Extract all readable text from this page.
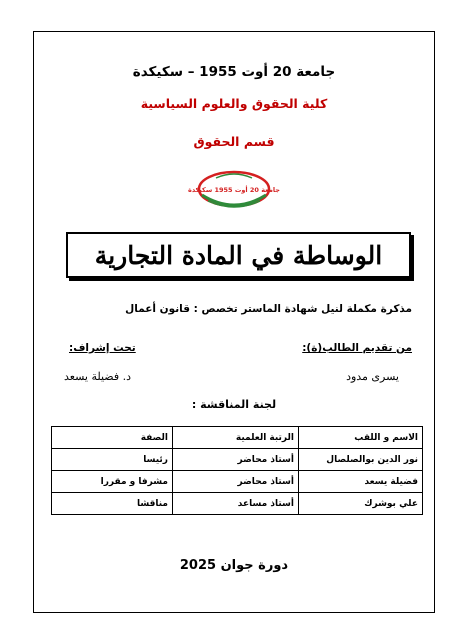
جامعة 20 أوت 1955 – سكيكدة
كلية الحقوق والعلوم السياسية
قسم الحقوق
جامعة 20 أوت 1955 سكيكدة
الوساطة في المادة التجارية
مذكرة مكملة لنيل شهادة الماستر تخصص : قانون أعمال
من تقديم الطالب(ة):
تحت إشراف:
يسرى مدود
د. فضيلة يسعد
لجنة المناقشة :
الاسم و اللقب	الرتبة العلمية	الصفة
نور الدين بوالصلصال	أستاذ محاضر	رئيسا
فضيلة يسعد	أستاذ محاضر	مشرفا و مقررا
علي بوشرك	أستاذ مساعد	مناقشا
دورة جوان 2025
